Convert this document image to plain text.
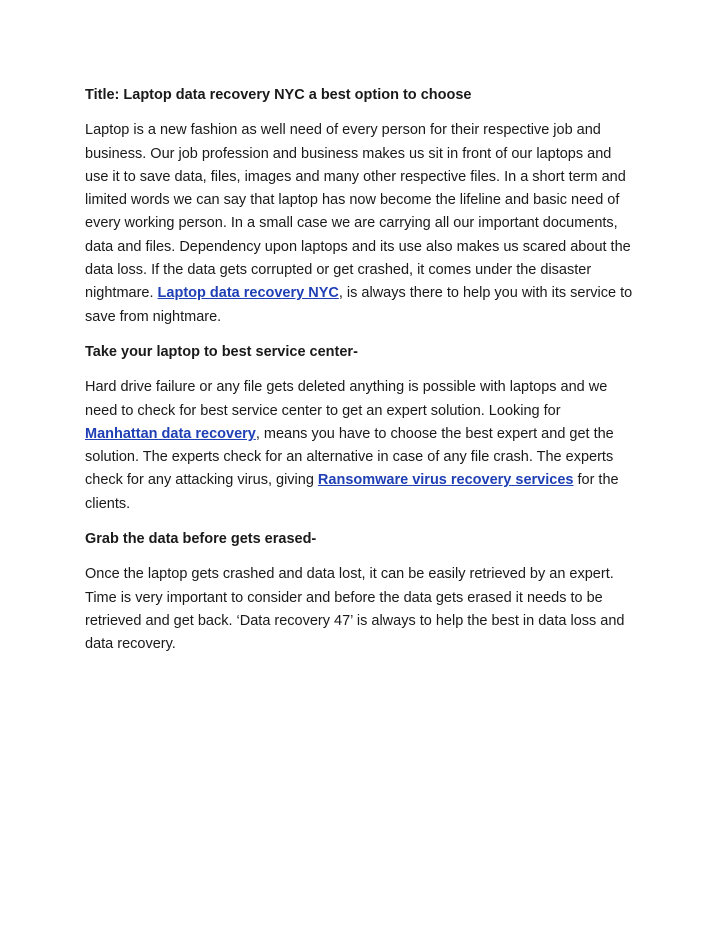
Title: Laptop data recovery NYC a best option to choose

Laptop is a new fashion as well need of every person for their respective job and business. Our job profession and business makes us sit in front of our laptops and use it to save data, files, images and many other respective files. In a short term and limited words we can say that laptop has now become the lifeline and basic need of every working person. In a small case we are carrying all our important documents, data and files. Dependency upon laptops and its use also makes us scared about the data loss. If the data gets corrupted or get crashed, it comes under the disaster nightmare. Laptop data recovery NYC, is always there to help you with its service to save from nightmare.

Take your laptop to best service center-

Hard drive failure or any file gets deleted anything is possible with laptops and we need to check for best service center to get an expert solution. Looking for Manhattan data recovery, means you have to choose the best expert and get the solution. The experts check for an alternative in case of any file crash. The experts check for any attacking virus, giving Ransomware virus recovery services for the clients.

Grab the data before gets erased-

Once the laptop gets crashed and data lost, it can be easily retrieved by an expert. Time is very important to consider and before the data gets erased it needs to be retrieved and get back. ‘Data recovery 47’ is always to help the best in data loss and data recovery.
